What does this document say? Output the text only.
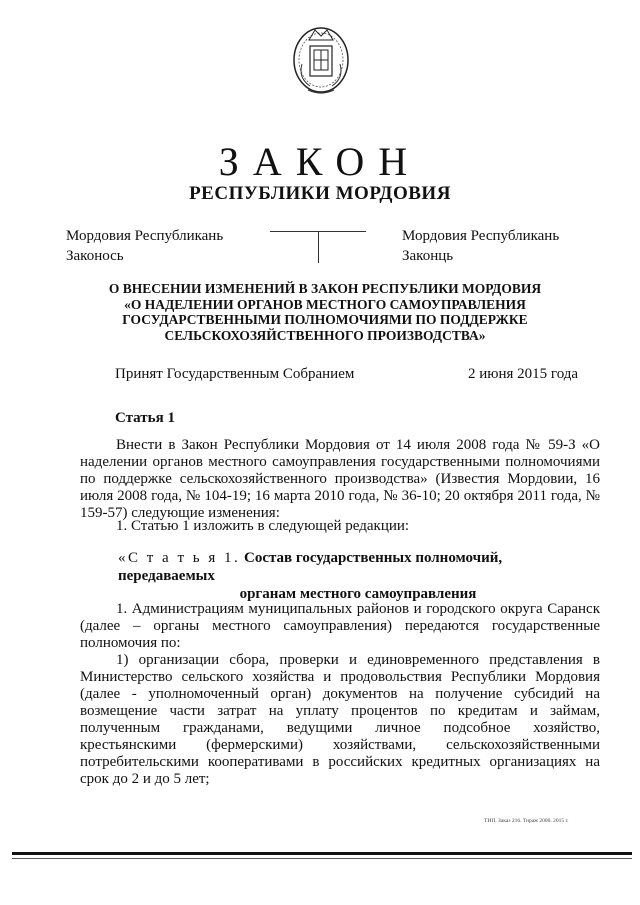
ЗАКОН
РЕСПУБЛИКИ МОРДОВИЯ
Мордовия Республикань
Законось
Мордовия Республикань
Законць
О ВНЕСЕНИИ ИЗМЕНЕНИЙ В ЗАКОН РЕСПУБЛИКИ МОРДОВИЯ
«О НАДЕЛЕНИИ ОРГАНОВ МЕСТНОГО САМОУПРАВЛЕНИЯ
ГОСУДАРСТВЕННЫМИ ПОЛНОМОЧИЯМИ ПО ПОДДЕРЖКЕ
СЕЛЬСКОХОЗЯЙСТВЕННОГО ПРОИЗВОДСТВА»
Принят Государственным Собранием	2 июня 2015 года
Статья 1
Внести в Закон Республики Мордовия от 14 июля 2008 года № 59-З «О наделении органов местного самоуправления государственными полномочиями по поддержке сельскохозяйственного производства» (Известия Мордовии, 16 июля 2008 года, № 104-19; 16 марта 2010 года, № 36-10; 20 октября 2011 года, № 159-57) следующие изменения:
1. Статью 1 изложить в следующей редакции:
«С т а т ь я 1. Состав государственных полномочий, передаваемых
органам местного самоуправления
1. Администрациям муниципальных районов и городского округа Саранск (далее – органы местного самоуправления) передаются государственные полномочия по:
1) организации сбора, проверки и единовременного представления в Министерство сельского хозяйства и продовольствия Республики Мордовия (далее - уполномоченный орган) документов на получение субсидий на возмещение части затрат на уплату процентов по кредитам и займам, полученным гражданами, ведущими личное подсобное хозяйство, крестьянскими (фермерскими) хозяйствами, сельскохозяйственными потребительскими кооперативами в российских кредитных организациях на срок до 2 и до 5 лет;
ТИП. Заказ 216. Тираж 2000. 2015 г.
